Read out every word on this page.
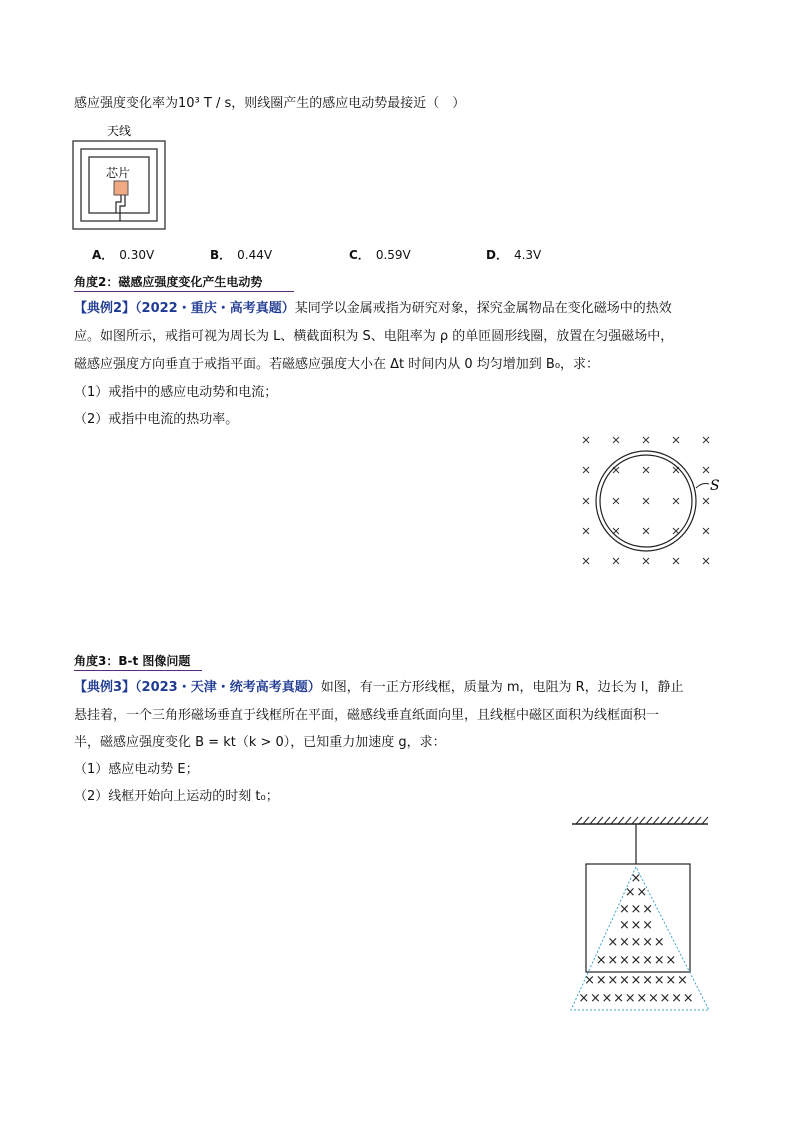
感应强度变化率为10³ T / s，则线圈产生的感应电动势最接近（　）
天线
芯片
A． 0.30V	B． 0.44V	C． 0.59V	D． 4.3V
角度2：磁感应强度变化产生电动势
【典例2】（2022・重庆・高考真题）某同学以金属戒指为研究对象，探究金属物品在变化磁场中的热效
应。如图所示，戒指可视为周长为 L、横截面积为 S、电阻率为 ρ 的单匝圆形线圈，放置在匀强磁场中，
磁感应强度方向垂直于戒指平面。若磁感应强度大小在 Δt 时间内从 0 均匀增加到 B₀，求：
（1）戒指中的感应电动势和电流；
（2）戒指中电流的热功率。
S
角度3：B-t 图像问题
【典例3】（2023・天津・统考高考真题）如图，有一正方形线框，质量为 m，电阻为 R，边长为 l，静止
悬挂着，一个三角形磁场垂直于线框所在平面，磁感线垂直纸面向里，且线框中磁区面积为线框面积一
半，磁感应强度变化 B = kt（k > 0），已知重力加速度 g，求：
（1）感应电动势 E；
（2）线框开始向上运动的时刻 t₀；
×
× ×
× × ×
× × ×
× × × × ×
× × × × × × ×
× × × × × × × × ×
× × × × × × × × × ×
